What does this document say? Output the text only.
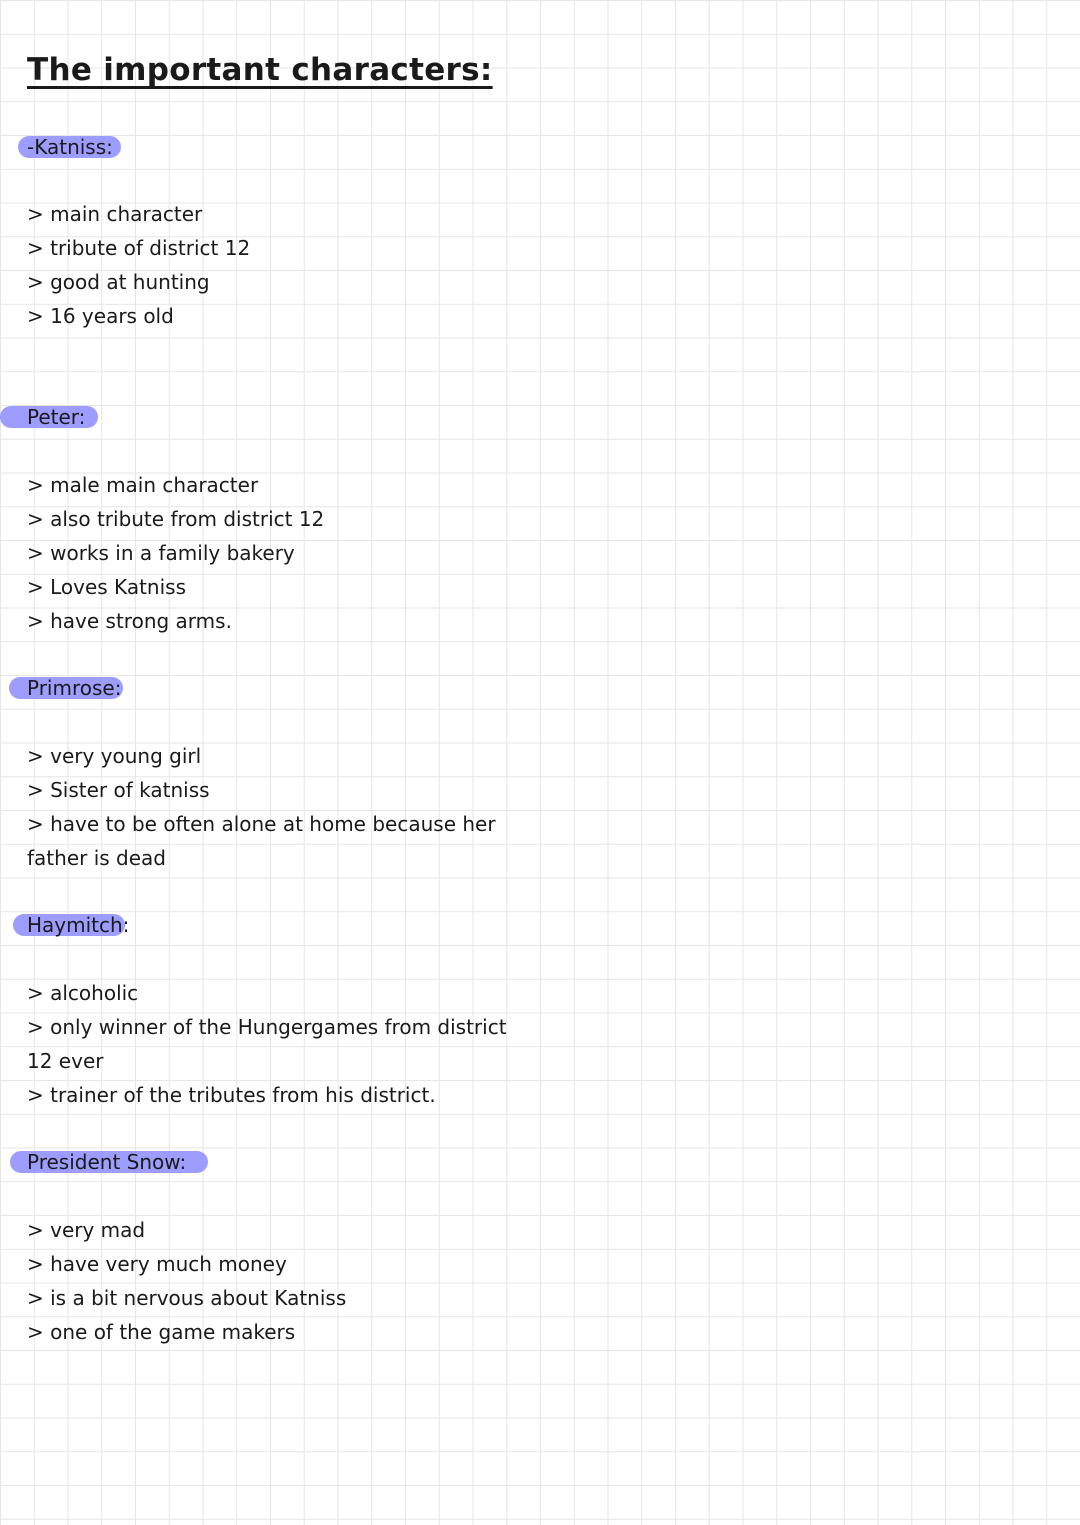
The important characters:
-Katniss:
> main character
> tribute of district 12
> good at hunting
> 16 years old
Peter:
> male main character
> also tribute from district 12
> works in a family bakery
> Loves Katniss
> have strong arms.
Primrose:
> very young girl
> Sister of katniss
> have to be often alone at home because her
father is dead
Haymitch:
> alcoholic
> only winner of the Hungergames from district
12 ever
> trainer of the tributes from his district.
President Snow:
> very mad
> have very much money
> is a bit nervous about Katniss
> one of the game makers
